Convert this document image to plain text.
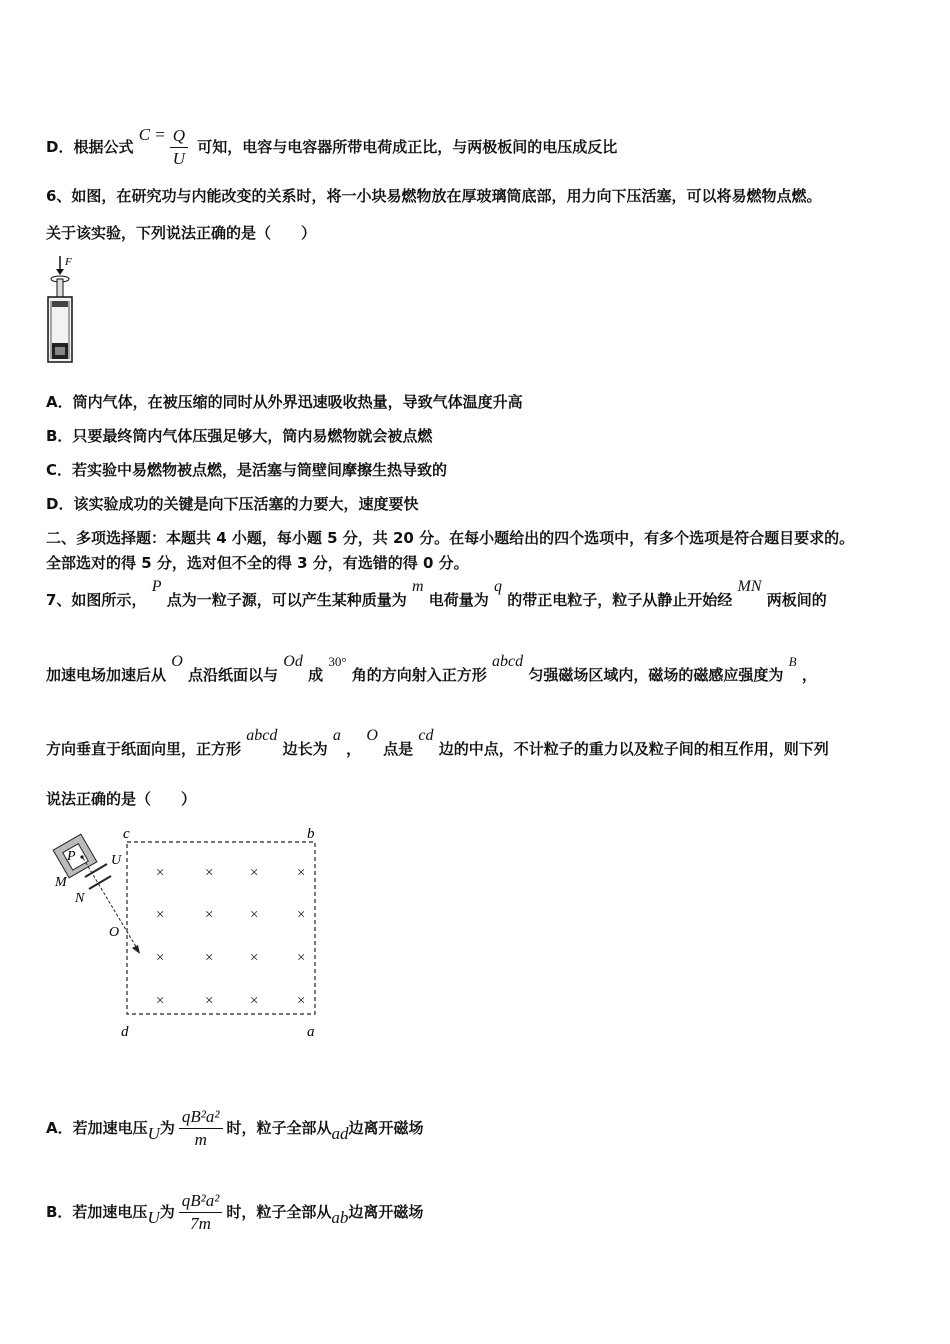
D．根据公式 $C = \frac{Q}{U}$ 可知，电容与电容器所带电荷成正比，与两极板间的电压成反比
6、如图，在研究功与内能改变的关系时，将一小块易燃物放在厚玻璃筒底部，用力向下压活塞，可以将易燃物点燃。
关于该实验，下列说法正确的是（　　）
F
A．筒内气体，在被压缩的同时从外界迅速吸收热量，导致气体温度升高
B．只要最终筒内气体压强足够大，筒内易燃物就会被点燃
C．若实验中易燃物被点燃，是活塞与筒壁间摩擦生热导致的
D．该实验成功的关键是向下压活塞的力要大，速度要快
二、多项选择题：本题共 4 小题，每小题 5 分，共 20 分。在每小题给出的四个选项中，有多个选项是符合题目要求的。
全部选对的得 5 分，选对但不全的得 3 分，有选错的得 0 分。
7、如图所示， P 点为一粒子源，可以产生某种质量为 m 电荷量为 q 的带正电粒子，粒子从静止开始经 MN 两板间的
加速电场加速后从 O 点沿纸面以与 Od 成 30° 角的方向射入正方形 abcd 匀强磁场区域内，磁场的磁感应强度为 B ，
方向垂直于纸面向里，正方形 abcd 边长为 a ， O 点是 cd 边的中点，不计粒子的重力以及粒子间的相互作用，则下列
说法正确的是（　　）
c	b
d	a
×	× × ×
×	× × ×
×	× × ×
×	× × ×
P	U
M
N
O
A．若加速电压U为 $\frac{\text{qB²a²}}{m}$ 时，粒子全部从ad边离开磁场
B．若加速电压U为 $\frac{\text{qB²a²}}{7m}$ 时，粒子全部从ab边离开磁场
